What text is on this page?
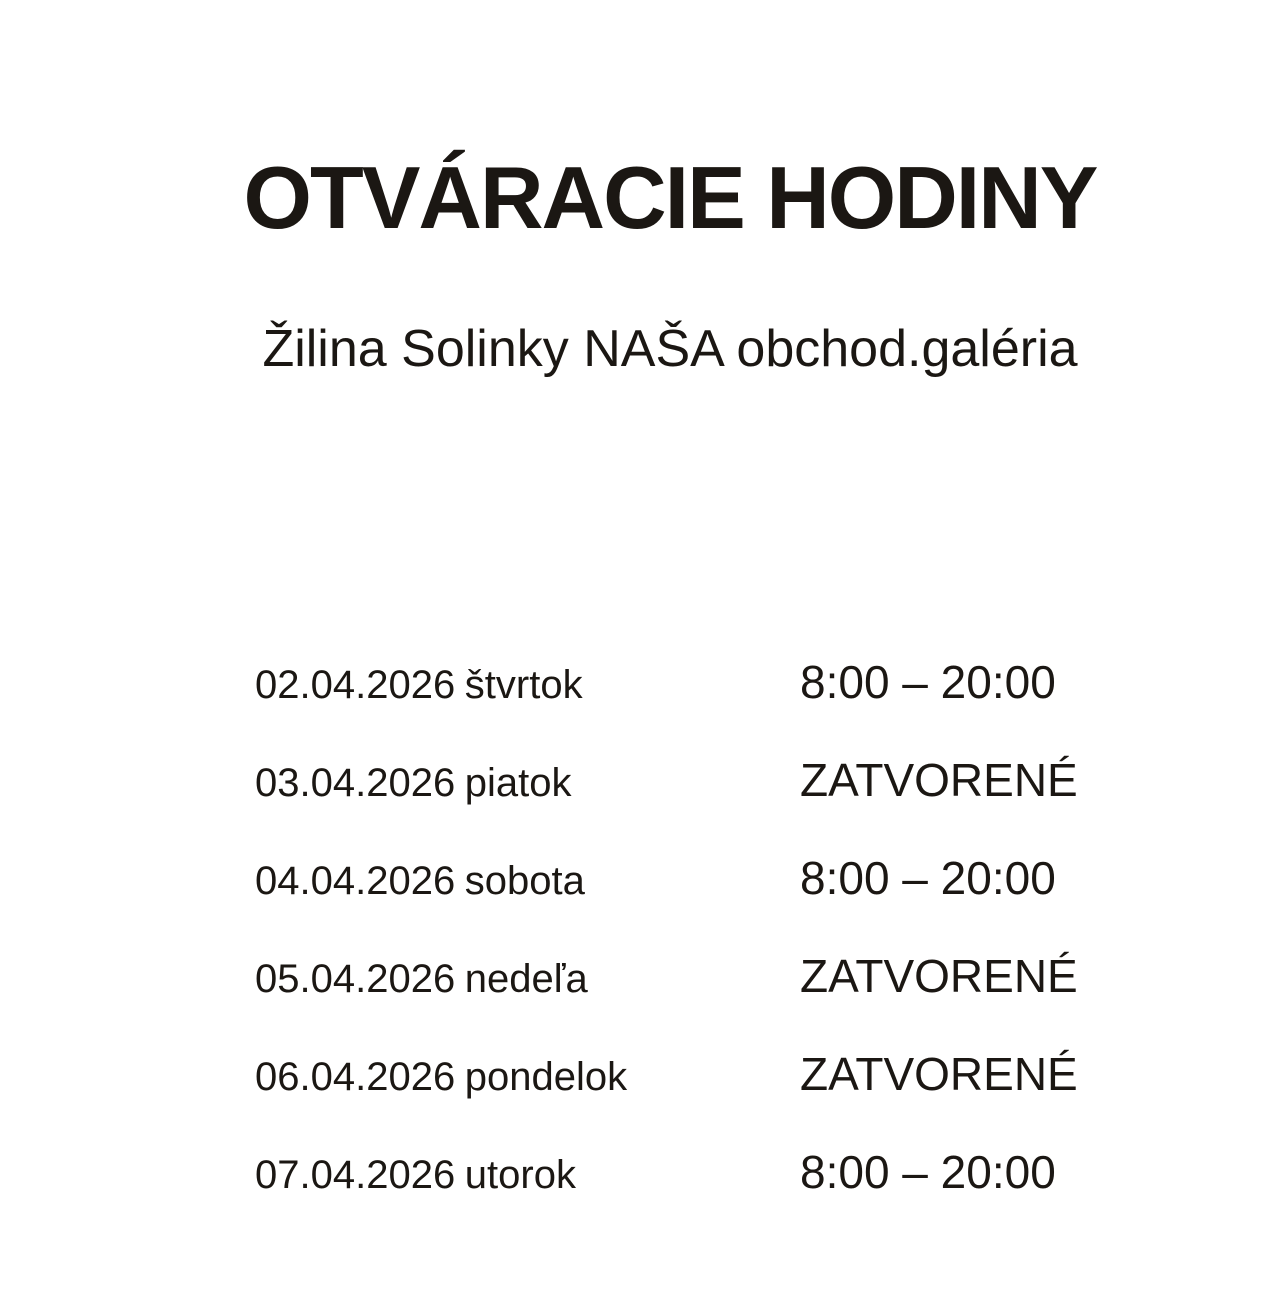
OTVÁRACIE HODINY
Žilina Solinky NAŠA obchod.galéria
02.04.2026 štvrtok	8:00 – 20:00
03.04.2026 piatok	ZATVORENÉ
04.04.2026 sobota	8:00 – 20:00
05.04.2026 nedeľa	ZATVORENÉ
06.04.2026 pondelok	ZATVORENÉ
07.04.2026 utorok	8:00 – 20:00
